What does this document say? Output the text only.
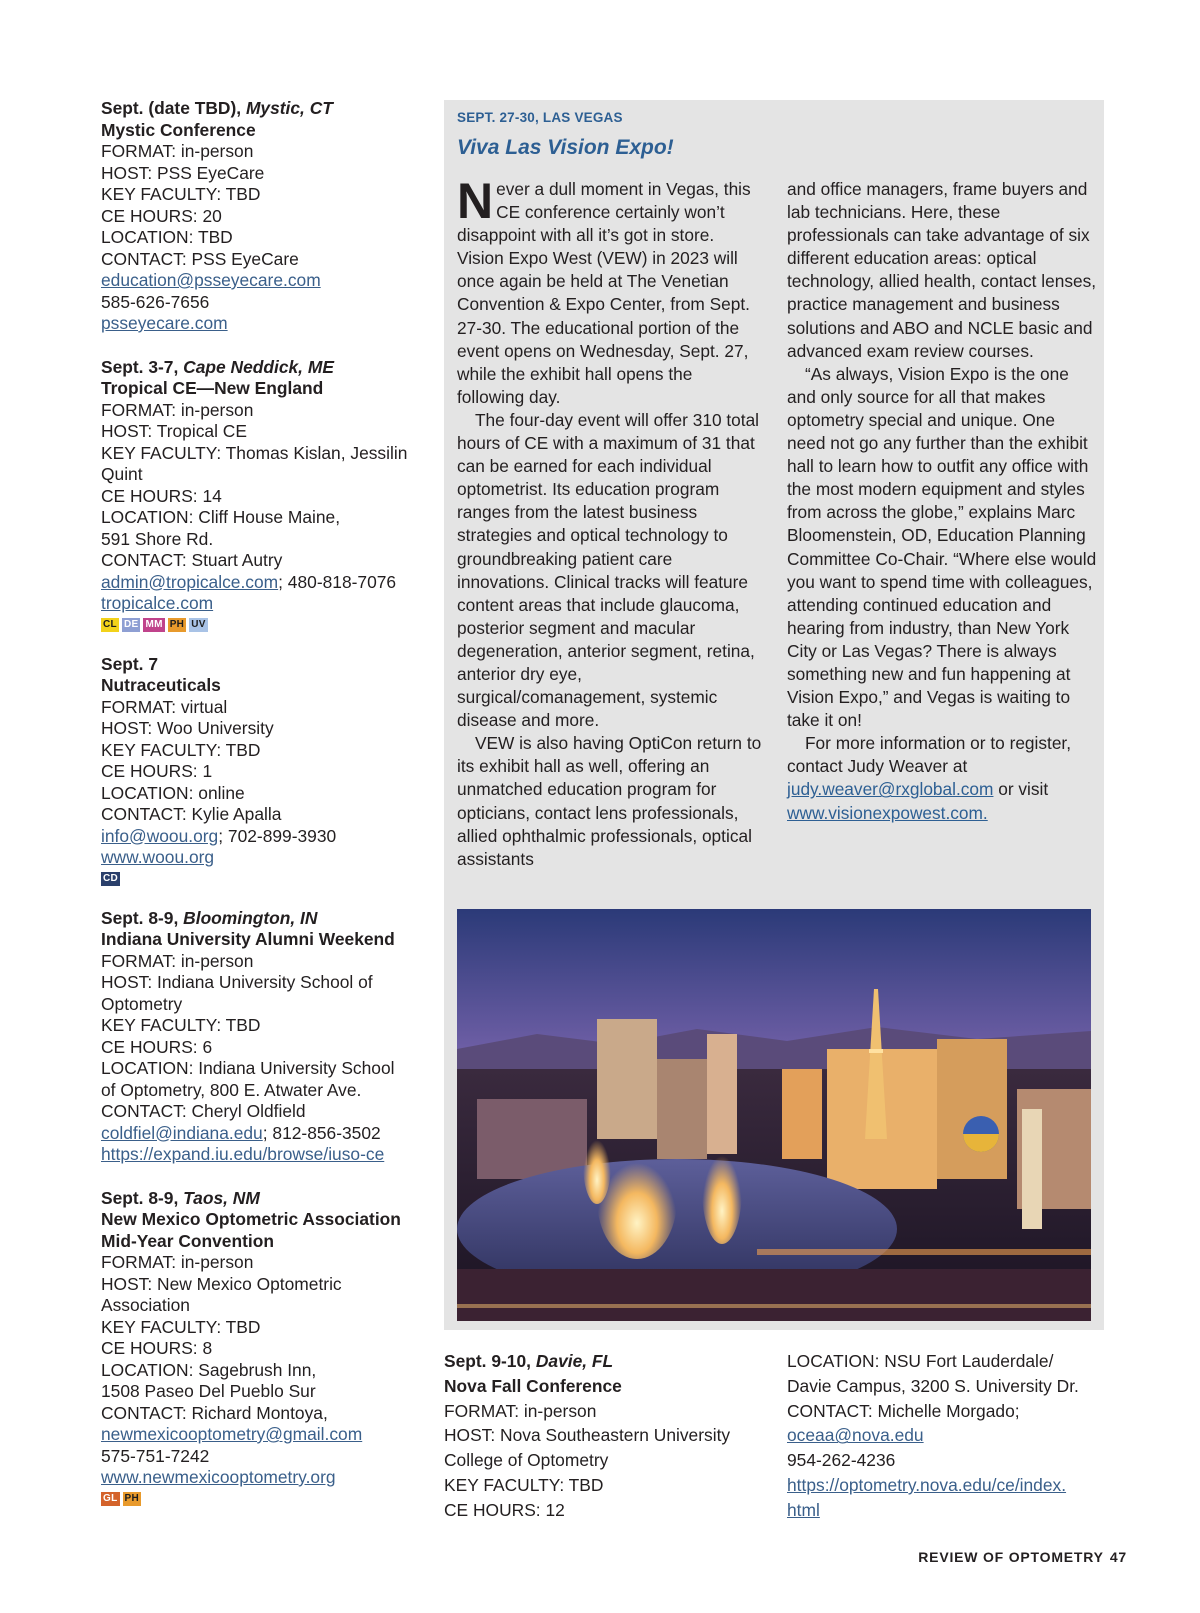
Sept. (date TBD), Mystic, CT
Mystic Conference
FORMAT: in-person
HOST: PSS EyeCare
KEY FACULTY: TBD
CE HOURS: 20
LOCATION: TBD
CONTACT: PSS EyeCare
education@psseyecare.com
585-626-7656
psseyecare.com
Sept. 3-7, Cape Neddick, ME
Tropical CE—New England
FORMAT: in-person
HOST: Tropical CE
KEY FACULTY: Thomas Kislan, Jessilin Quint
CE HOURS: 14
LOCATION: Cliff House Maine,
591 Shore Rd.
CONTACT: Stuart Autry
admin@tropicalce.com; 480-818-7076
tropicalce.com
CL DE MM PH UV
Sept. 7
Nutraceuticals
FORMAT: virtual
HOST: Woo University
KEY FACULTY: TBD
CE HOURS: 1
LOCATION: online
CONTACT: Kylie Apalla
info@woou.org; 702-899-3930
www.woou.org
CD
Sept. 8-9, Bloomington, IN
Indiana University Alumni Weekend
FORMAT: in-person
HOST: Indiana University School of
Optometry
KEY FACULTY: TBD
CE HOURS: 6
LOCATION: Indiana University School
of Optometry, 800 E. Atwater Ave.
CONTACT: Cheryl Oldfield
coldfiel@indiana.edu; 812-856-3502
https://expand.iu.edu/browse/iuso-ce
Sept. 8-9, Taos, NM
New Mexico Optometric Association
Mid-Year Convention
FORMAT: in-person
HOST: New Mexico Optometric
Association
KEY FACULTY: TBD
CE HOURS: 8
LOCATION: Sagebrush Inn,
1508 Paseo Del Pueblo Sur
CONTACT: Richard Montoya,
newmexicooptometry@gmail.com
575-751-7242
www.newmexicooptometry.org
GL PH
SEPT. 27-30, LAS VEGAS
Viva Las Vision Expo!

Never a dull moment in Vegas, this CE conference certainly won’t disappoint with all it’s got in store. Vision Expo West (VEW) in 2023 will once again be held at The Venetian Convention & Expo Center, from Sept. 27-30. The educational portion of the event opens on Wednesday, Sept. 27, while the exhibit hall opens the following day.

The four-day event will offer 310 total hours of CE with a maximum of 31 that can be earned for each individual optometrist. Its education program ranges from the latest business strategies and optical technology to groundbreaking patient care innovations. Clinical tracks will feature content areas that include glaucoma, posterior segment and macular degeneration, anterior segment, retina, anterior dry eye, surgical/comanagement, systemic disease and more.

VEW is also having OptiCon return to its exhibit hall as well, offering an unmatched education program for opticians, contact lens professionals, allied ophthalmic professionals, optical assistants

and office managers, frame buyers and lab technicians. Here, these professionals can take advantage of six different education areas: optical technology, allied health, contact lenses, practice management and business solutions and ABO and NCLE basic and advanced exam review courses.

“As always, Vision Expo is the one and only source for all that makes optometry special and unique. One need not go any further than the exhibit hall to learn how to outfit any office with the most modern equipment and styles from across the globe,” explains Marc Bloomenstein, OD, Education Planning Committee Co-Chair. “Where else would you want to spend time with colleagues, attending continued education and hearing from industry, than New York City or Las Vegas? There is always something new and fun happening at Vision Expo,” and Vegas is waiting to take it on!

For more information or to register, contact Judy Weaver at judy.weaver@rxglobal.com or visit www.visionexpowest.com.

Sept. 9-10, Davie, FL
Nova Fall Conference
FORMAT: in-person
HOST: Nova Southeastern University
College of Optometry
KEY FACULTY: TBD
CE HOURS: 12
LOCATION: NSU Fort Lauderdale/
Davie Campus, 3200 S. University Dr.
CONTACT: Michelle Morgado;
oceaa@nova.edu
954-262-4236
https://optometry.nova.edu/ce/index.
html
REVIEW OF OPTOMETRY 47
